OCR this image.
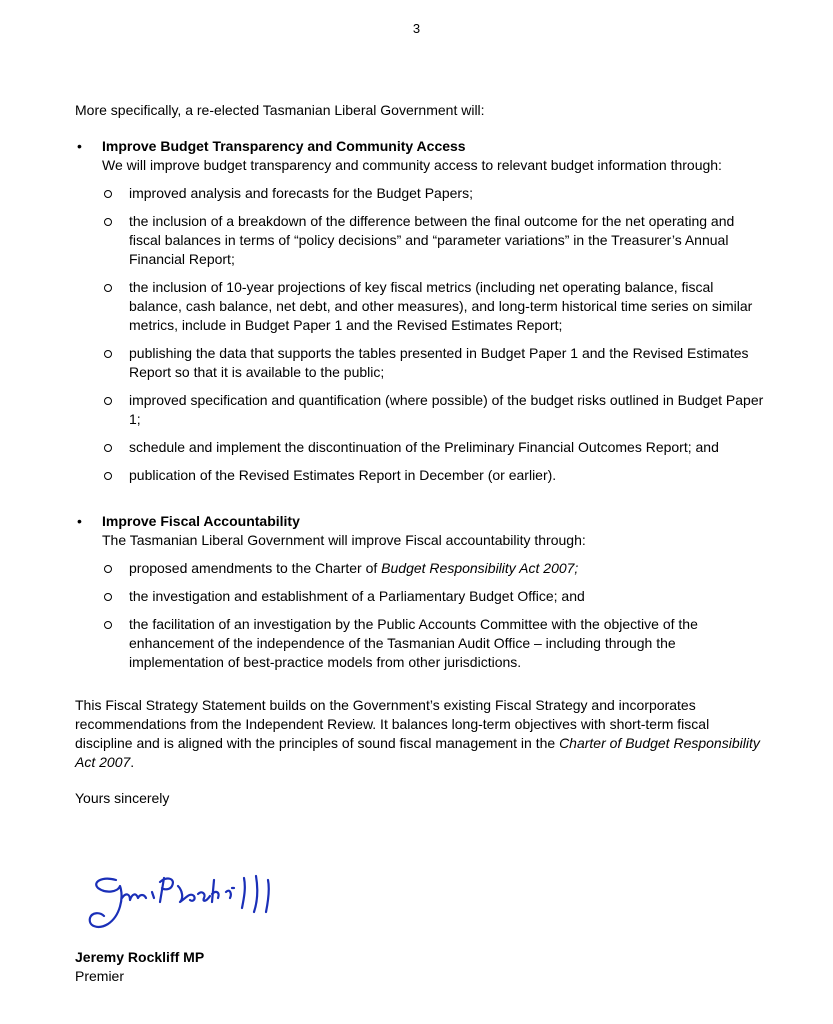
3

More specifically, a re-elected Tasmanian Liberal Government will:

• Improve Budget Transparency and Community Access
We will improve budget transparency and community access to relevant budget information through:
improved analysis and forecasts for the Budget Papers;
the inclusion of a breakdown of the difference between the final outcome for the net operating and fiscal balances in terms of “policy decisions” and “parameter variations” in the Treasurer’s Annual Financial Report;
the inclusion of 10-year projections of key fiscal metrics (including net operating balance, fiscal balance, cash balance, net debt, and other measures), and long-term historical time series on similar metrics, include in Budget Paper 1 and the Revised Estimates Report;
publishing the data that supports the tables presented in Budget Paper 1 and the Revised Estimates Report so that it is available to the public;
improved specification and quantification (where possible) of the budget risks outlined in Budget Paper 1;
schedule and implement the discontinuation of the Preliminary Financial Outcomes Report; and
publication of the Revised Estimates Report in December (or earlier).
• Improve Fiscal Accountability
The Tasmanian Liberal Government will improve Fiscal accountability through:
proposed amendments to the Charter of Budget Responsibility Act 2007;
the investigation and establishment of a Parliamentary Budget Office; and
the facilitation of an investigation by the Public Accounts Committee with the objective of the enhancement of the independence of the Tasmanian Audit Office – including through the implementation of best-practice models from other jurisdictions.

This Fiscal Strategy Statement builds on the Government’s existing Fiscal Strategy and incorporates recommendations from the Independent Review. It balances long-term objectives with short-term fiscal discipline and is aligned with the principles of sound fiscal management in the Charter of Budget Responsibility Act 2007.

Yours sincerely

Jeremy Rockliff MP
Premier
